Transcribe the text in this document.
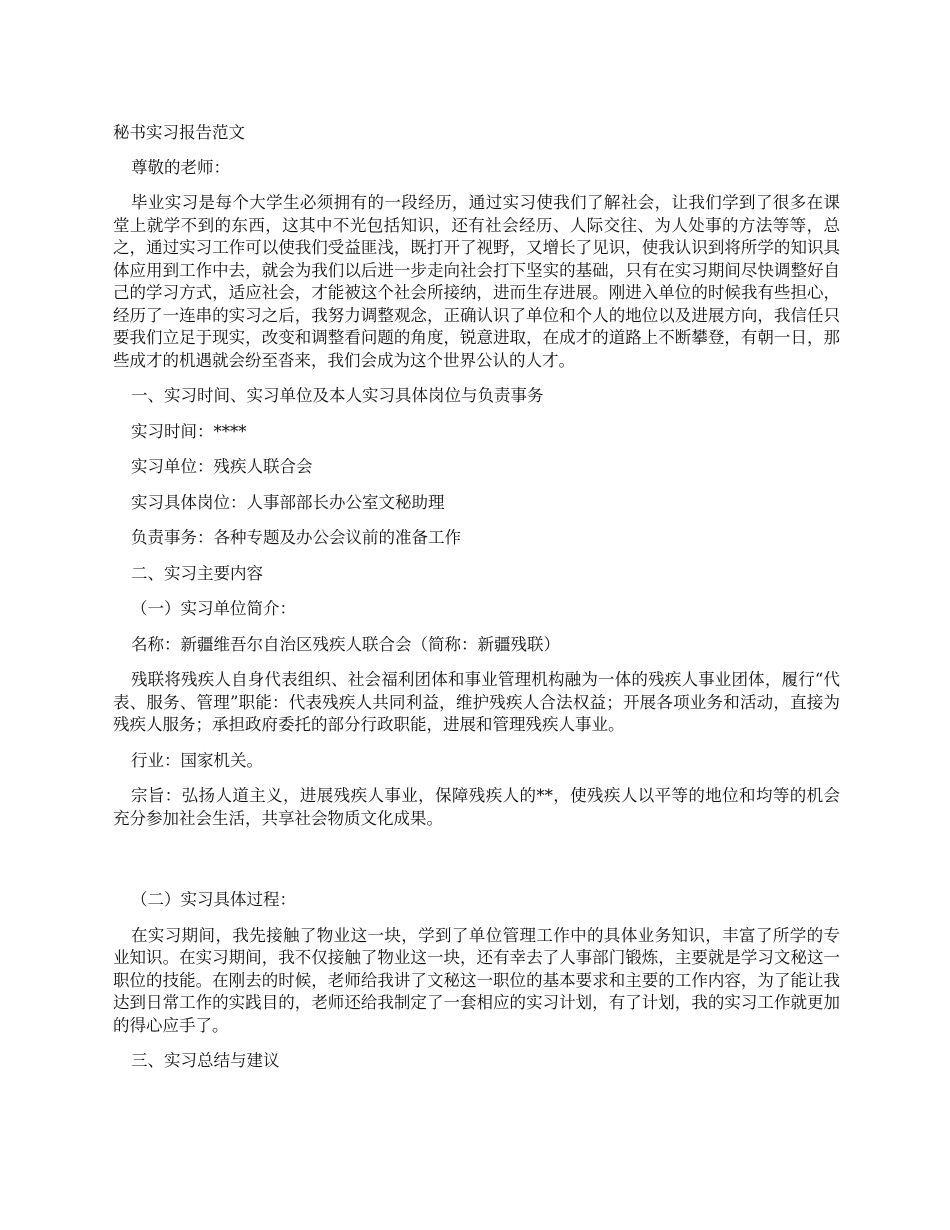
秘书实习报告范文

尊敬的老师：

毕业实习是每个大学生必须拥有的一段经历，通过实习使我们了解社会，让我们学到了很多在课堂上就学不到的东西，这其中不光包括知识，还有社会经历、人际交往、为人处事的方法等等，总之，通过实习工作可以使我们受益匪浅，既打开了视野，又增长了见识，使我认识到将所学的知识具体应用到工作中去，就会为我们以后进一步走向社会打下坚实的基础，只有在实习期间尽快调整好自己的学习方式，适应社会，才能被这个社会所接纳，进而生存进展。刚进入单位的时候我有些担心，经历了一连串的实习之后，我努力调整观念，正确认识了单位和个人的地位以及进展方向，我信任只要我们立足于现实，改变和调整看问题的角度，锐意进取，在成才的道路上不断攀登，有朝一日，那些成才的机遇就会纷至沓来，我们会成为这个世界公认的人才。

一、实习时间、实习单位及本人实习具体岗位与负责事务

实习时间：****

实习单位：残疾人联合会

实习具体岗位：人事部部长办公室文秘助理

负责事务：各种专题及办公会议前的准备工作

二、实习主要内容

（一）实习单位简介：

名称：新疆维吾尔自治区残疾人联合会（简称：新疆残联）

残联将残疾人自身代表组织、社会福利团体和事业管理机构融为一体的残疾人事业团体，履行“代表、服务、管理”职能：代表残疾人共同利益，维护残疾人合法权益；开展各项业务和活动，直接为残疾人服务；承担政府委托的部分行政职能，进展和管理残疾人事业。

行业：国家机关。

宗旨：弘扬人道主义，进展残疾人事业，保障残疾人的**，使残疾人以平等的地位和均等的机会充分参加社会生活，共享社会物质文化成果。

（二）实习具体过程：

在实习期间，我先接触了物业这一块，学到了单位管理工作中的具体业务知识，丰富了所学的专业知识。在实习期间，我不仅接触了物业这一块，还有幸去了人事部门锻炼，主要就是学习文秘这一职位的技能。在刚去的时候，老师给我讲了文秘这一职位的基本要求和主要的工作内容，为了能让我达到日常工作的实践目的，老师还给我制定了一套相应的实习计划，有了计划，我的实习工作就更加的得心应手了。

三、实习总结与建议
